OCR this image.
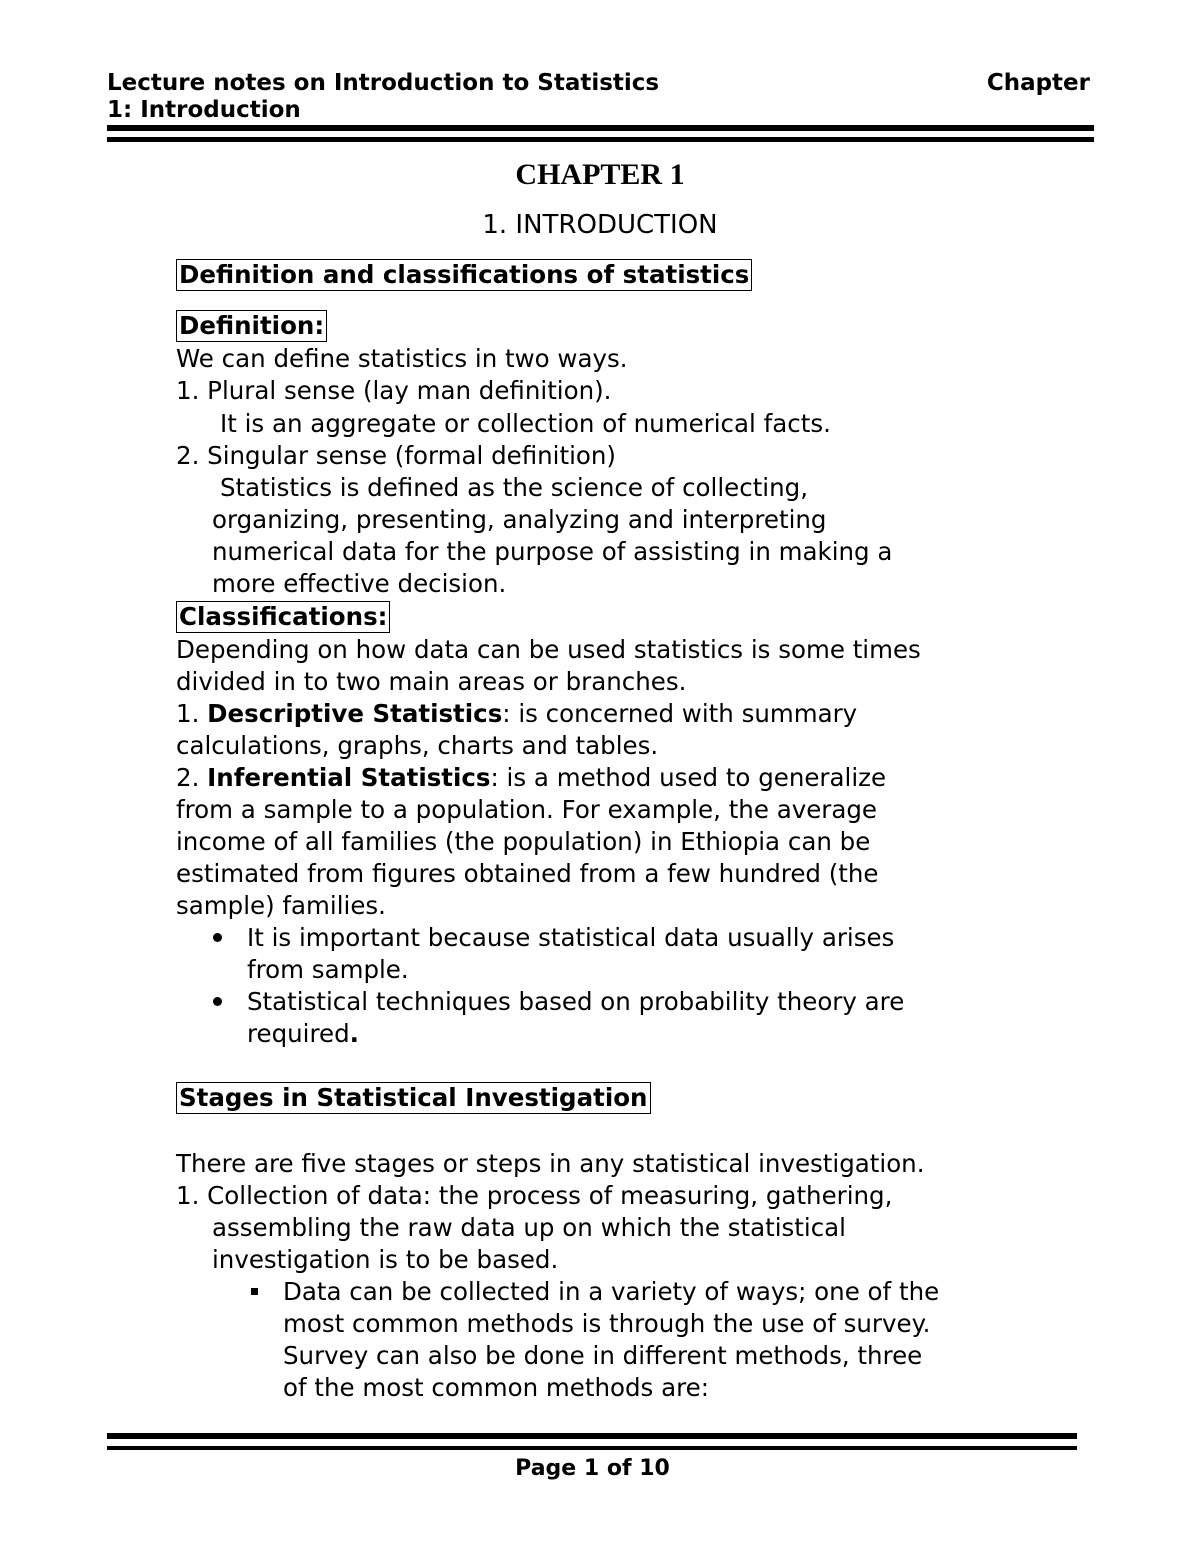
Lecture notes on Introduction to Statistics
1: Introduction
Chapter
CHAPTER 1
1. INTRODUCTION
Definition and classifications of statistics
Definition:
We can define statistics in two ways.
1. Plural sense (lay man definition).
It is an aggregate or collection of numerical facts.
2. Singular sense (formal definition)
Statistics is defined as the science of collecting,
organizing, presenting, analyzing and interpreting
numerical data for the purpose of assisting in making a
more effective decision.
Classifications:
Depending on how data can be used statistics is some times
divided in to two main areas or branches.
1. Descriptive Statistics: is concerned with summary
calculations, graphs, charts and tables.
2. Inferential Statistics: is a method used to generalize
from a sample to a population. For example, the average
income of all families (the population) in Ethiopia can be
estimated from figures obtained from a few hundred (the
sample) families.
It is important because statistical data usually arises
from sample.
Statistical techniques based on probability theory are
required.
Stages in Statistical Investigation
There are five stages or steps in any statistical investigation.
1. Collection of data: the process of measuring, gathering,
assembling the raw data up on which the statistical
investigation is to be based.
Data can be collected in a variety of ways; one of the
most common methods is through the use of survey.
Survey can also be done in different methods, three
of the most common methods are:
Page 1 of 10
